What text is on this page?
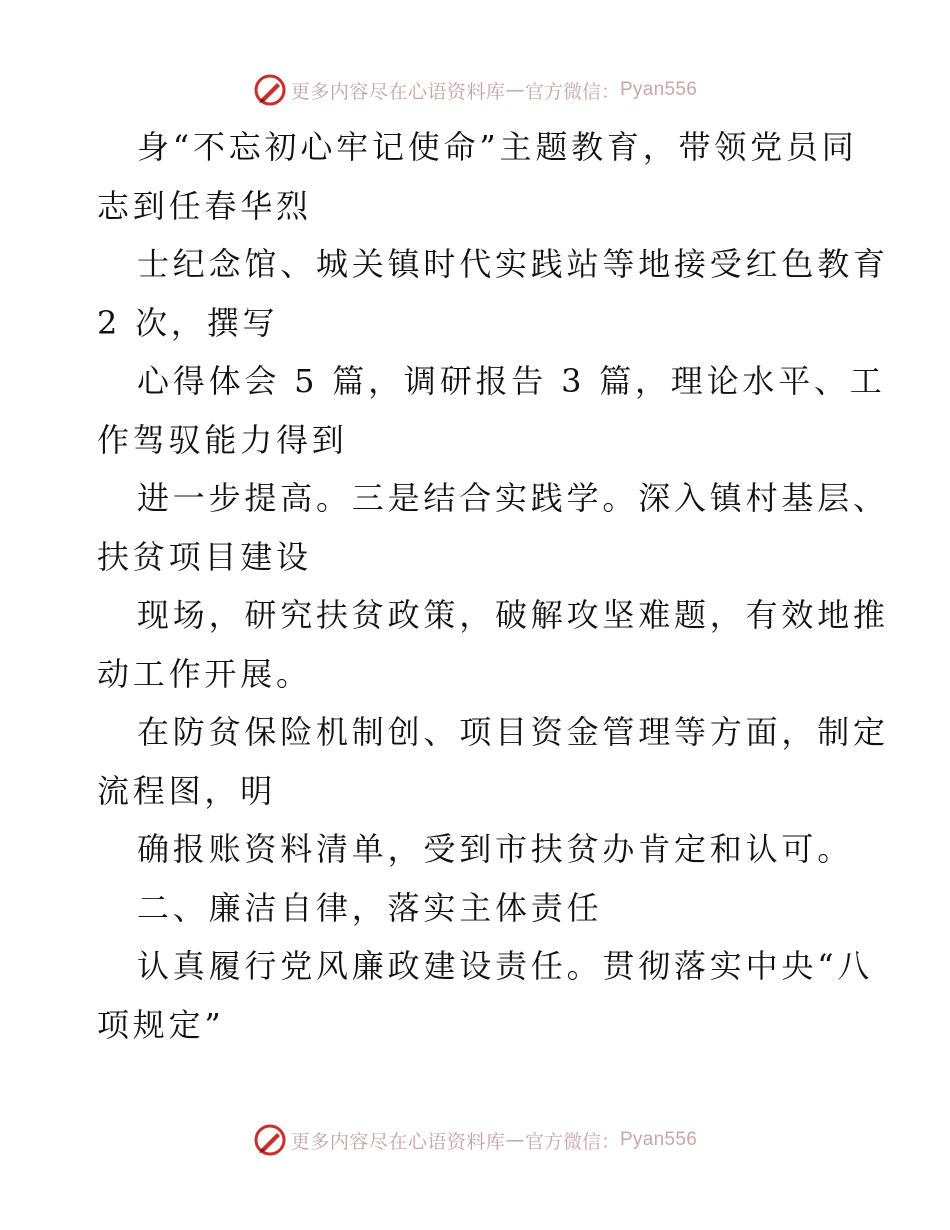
更多内容尽在心语资料库 — 官方微信： Pyan556
身“不忘初心牢记使命”主题教育，带领党员同
志到任春华烈
士纪念馆、城关镇时代实践站等地接受红色教育
2 次，撰写
心得体会 5 篇，调研报告 3 篇，理论水平、工
作驾驭能力得到
进一步提高。三是结合实践学。深入镇村基层、
扶贫项目建设
现场，研究扶贫政策，破解攻坚难题，有效地推
动工作开展。
在防贫保险机制创、项目资金管理等方面，制定
流程图，明
确报账资料清单，受到市扶贫办肯定和认可。
二、廉洁自律，落实主体责任
认真履行党风廉政建设责任。贯彻落实中央“八
项规定”
更多内容尽在心语资料库 — 官方微信： Pyan556
